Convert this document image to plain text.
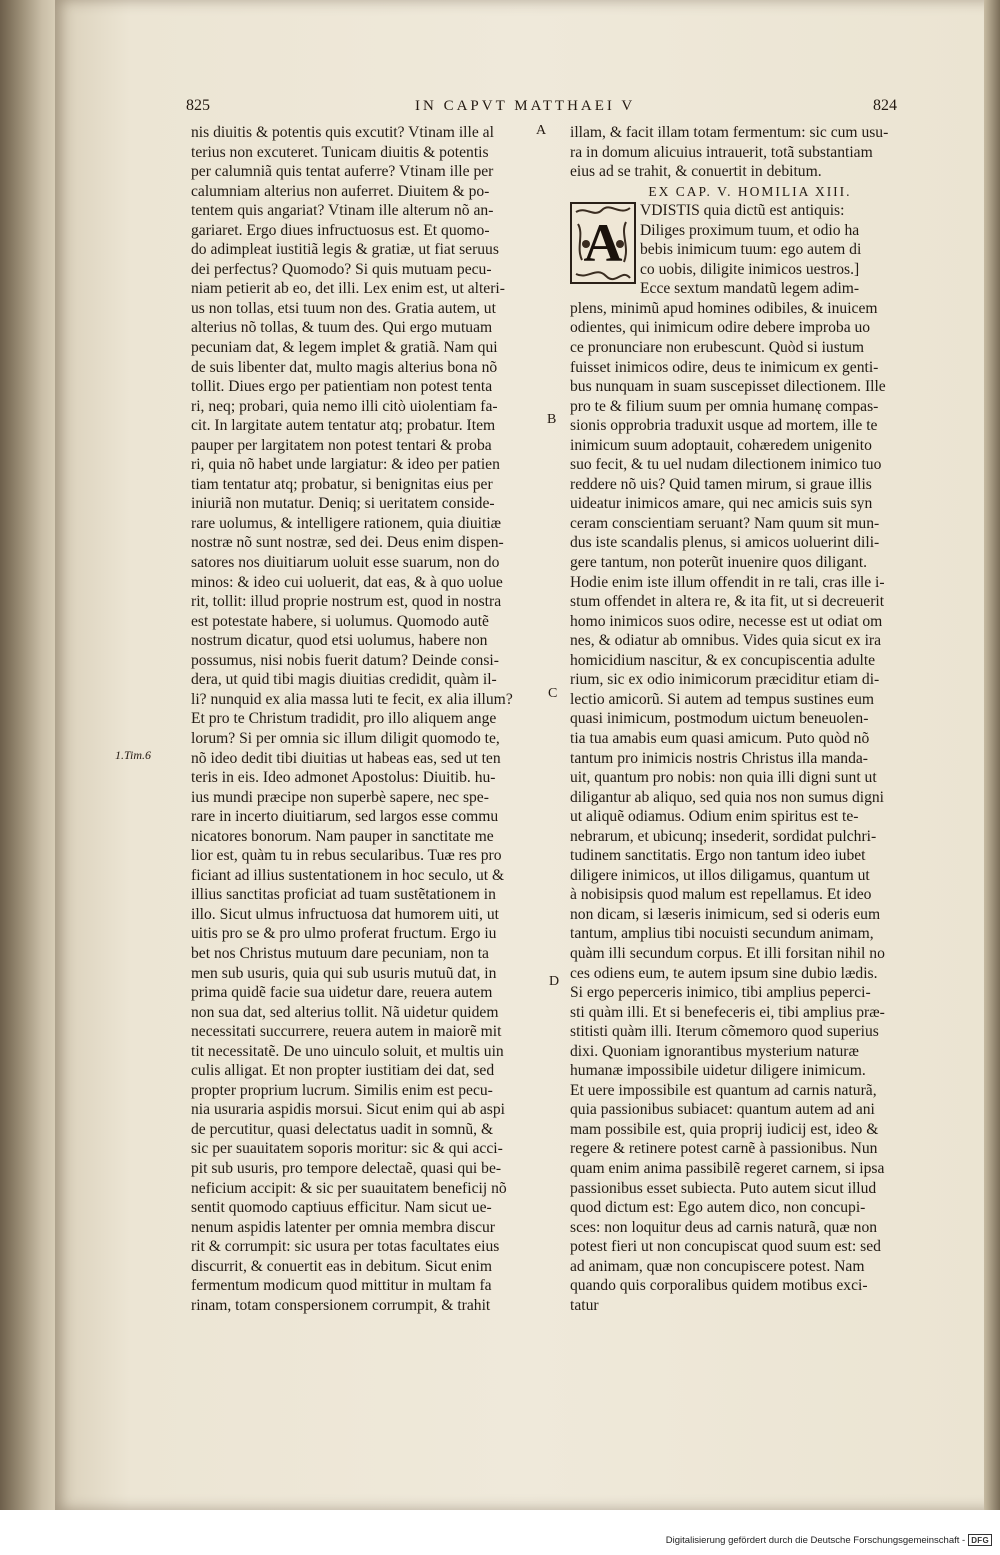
825	IN CAPVT MATTHAEI V	824
nis diuitis & potentis quis excutit? Vtinam ille al
terius non excuteret. Tunicam diuitis & potentis
per calumniã quis tentat auferre? Vtinam ille per
calumniam alterius non auferret. Diuitem & po-
tentem quis angariat? Vtinam ille alterum nõ an-
gariaret. Ergo diues infructuosus est. Et quomo-
do adimpleat iustitiã legis & gratiæ, ut fiat seruus
dei perfectus? Quomodo? Si quis mutuam pecu-
niam petierit ab eo, det illi. Lex enim est, ut alteri-
us non tollas, etsi tuum non des. Gratia autem, ut
alterius nõ tollas, & tuum des. Qui ergo mutuam
pecuniam dat, & legem implet & gratiã. Nam qui
de suis libenter dat, multo magis alterius bona nõ
tollit. Diues ergo per patientiam non potest tenta
ri, neq; probari, quia nemo illi citò uiolentiam fa-
cit. In largitate autem tentatur atq; probatur. Item
pauper per largitatem non potest tentari & proba
ri, quia nõ habet unde largiatur: & ideo per patien
tiam tentatur atq; probatur, si benignitas eius per
iniuriã non mutatur. Deniq; si ueritatem conside-
rare uolumus, & intelligere rationem, quia diuitiæ
nostræ nõ sunt nostræ, sed dei. Deus enim dispen-
satores nos diuitiarum uoluit esse suarum, non do
minos: & ideo cui uoluerit, dat eas, & à quo uolue
rit, tollit: illud proprie nostrum est, quod in nostra
est potestate habere, si uolumus. Quomodo autẽ
nostrum dicatur, quod etsi uolumus, habere non
possumus, nisi nobis fuerit datum? Deinde consi-
dera, ut quid tibi magis diuitias credidit, quàm il-
li? nunquid ex alia massa luti te fecit, ex alia illum?
Et pro te Christum tradidit, pro illo aliquem ange
lorum? Si per omnia sic illum diligit quomodo te,
nõ ideo dedit tibi diuitias ut habeas eas, sed ut ten
teris in eis. Ideo admonet Apostolus: Diuitib. hu-
ius mundi præcipe non superbè sapere, nec spe-
rare in incerto diuitiarum, sed largos esse commu
nicatores bonorum. Nam pauper in sanctitate me
lior est, quàm tu in rebus secularibus. Tuæ res pro
ficiant ad illius sustentationem in hoc seculo, ut &
illius sanctitas proficiat ad tuam sustẽtationem in
illo. Sicut ulmus infructuosa dat humorem uiti, ut
uitis pro se & pro ulmo proferat fructum. Ergo iu
bet nos Christus mutuum dare pecuniam, non ta
men sub usuris, quia qui sub usuris mutuũ dat, in
prima quidẽ facie sua uidetur dare, reuera autem
non sua dat, sed alterius tollit. Nã uidetur quidem
necessitati succurrere, reuera autem in maiorẽ mit
tit necessitatẽ. De uno uinculo soluit, et multis uin
culis alligat. Et non propter iustitiam dei dat, sed
propter proprium lucrum. Similis enim est pecu-
nia usuraria aspidis morsui. Sicut enim qui ab aspi
de percutitur, quasi delectatus uadit in somnũ, &
sic per suauitatem soporis moritur: sic & qui acci-
pit sub usuris, pro tempore delectaẽ, quasi qui be-
neficium accipit: & sic per suauitatem beneficij nõ
sentit quomodo captiuus efficitur. Nam sicut ue-
nenum aspidis latenter per omnia membra discur
rit & corrumpit: sic usura per totas facultates eius
discurrit, & conuertit eas in debitum. Sicut enim
fermentum modicum quod mittitur in multam fa
rinam, totam conspersionem corrumpit, & trahit
illam, & facit illam totam fermentum: sic cum usu-
ra in domum alicuius intrauerit, totã substantiam
eius ad se trahit, & conuertit in debitum.
EX CAP. V. HOMILIA XIII.
A
VDISTIS quia dictũ est antiquis:
Diliges proximum tuum, et odio ha
bebis inimicum tuum: ego autem di
co uobis, diligite inimicos uestros.]
Ecce sextum mandatũ legem adim-
plens, minimũ apud homines odibiles, & inuicem
odientes, qui inimicum odire debere improba uo
ce pronunciare non erubescunt. Quòd si iustum
fuisset inimicos odire, deus te inimicum ex genti-
bus nunquam in suam suscepisset dilectionem. Ille
pro te & filium suum per omnia humanę compas-
sionis opprobria traduxit usque ad mortem, ille te
inimicum suum adoptauit, cohæredem unigenito
suo fecit, & tu uel nudam dilectionem inimico tuo
reddere nõ uis? Quid tamen mirum, si graue illis
uideatur inimicos amare, qui nec amicis suis syn
ceram conscientiam seruant? Nam quum sit mun-
dus iste scandalis plenus, si amicos uoluerint dili-
gere tantum, non poterũt inuenire quos diligant.
Hodie enim iste illum offendit in re tali, cras ille i-
stum offendet in altera re, & ita fit, ut si decreuerit
homo inimicos suos odire, necesse est ut odiat om
nes, & odiatur ab omnibus. Vides quia sicut ex ira
homicidium nascitur, & ex concupiscentia adulte
rium, sic ex odio inimicorum præciditur etiam di-
lectio amicorũ. Si autem ad tempus sustines eum
quasi inimicum, postmodum uictum beneuolen-
tia tua amabis eum quasi amicum. Puto quòd nõ
tantum pro inimicis nostris Christus illa manda-
uit, quantum pro nobis: non quia illi digni sunt ut
diligantur ab aliquo, sed quia nos non sumus digni
ut aliquẽ odiamus. Odium enim spiritus est te-
nebrarum, et ubicunq; insederit, sordidat pulchri-
tudinem sanctitatis. Ergo non tantum ideo iubet
diligere inimicos, ut illos diligamus, quantum ut
à nobisipsis quod malum est repellamus. Et ideo
non dicam, si læseris inimicum, sed si oderis eum
tantum, amplius tibi nocuisti secundum animam,
quàm illi secundum corpus. Et illi forsitan nihil no
ces odiens eum, te autem ipsum sine dubio lædis.
Si ergo peperceris inimico, tibi amplius peperci-
sti quàm illi. Et si benefeceris ei, tibi amplius præ-
stitisti quàm illi. Iterum cõmemoro quod superius
dixi. Quoniam ignorantibus mysterium naturæ
humanæ impossibile uidetur diligere inimicum.
Et uere impossibile est quantum ad carnis naturã,
quia passionibus subiacet: quantum autem ad ani
mam possibile est, quia proprij iudicij est, ideo &
regere & retinere potest carnẽ à passionibus. Nun
quam enim anima passibilẽ regeret carnem, si ipsa
passionibus esset subiecta. Puto autem sicut illud
quod dictum est: Ego autem dico, non concupi-
sces: non loquitur deus ad carnis naturã, quæ non
potest fieri ut non concupiscat quod suum est: sed
ad animam, quæ non concupiscere potest. Nam
quando quis corporalibus quidem motibus exci-
tatur
A
B
C
D
1.Tim.6
Digitalisierung gefördert durch die Deutsche Forschungsgemeinschaft - DFG
